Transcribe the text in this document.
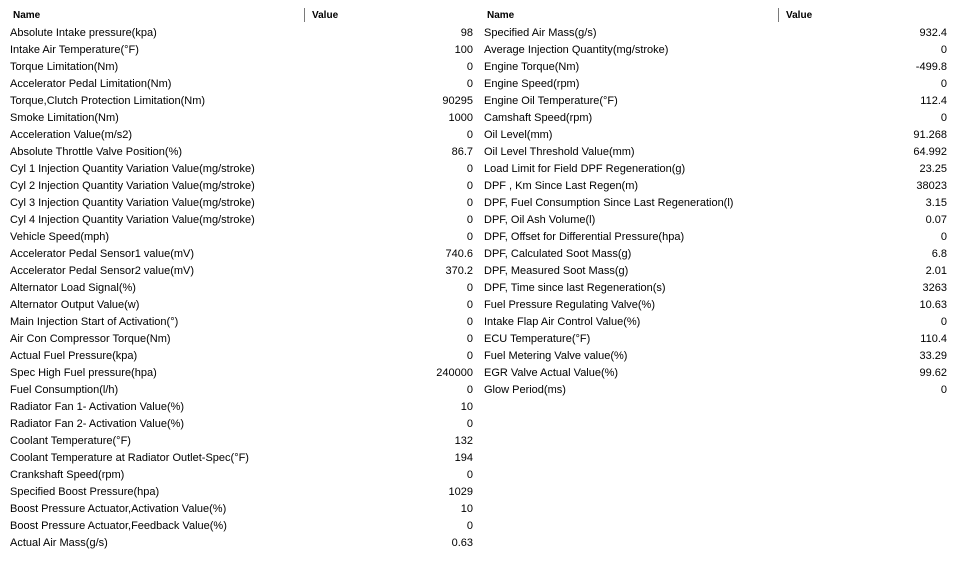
Name	Value
Absolute Intake pressure(kpa)	98
Intake Air Temperature(°F)	100
Torque Limitation(Nm)	0
Accelerator Pedal Limitation(Nm)	0
Torque,Clutch Protection Limitation(Nm)	90295
Smoke Limitation(Nm)	1000
Acceleration Value(m/s2)	0
Absolute Throttle Valve Position(%)	86.7
Cyl 1 Injection Quantity Variation Value(mg/stroke)	0
Cyl 2 Injection Quantity Variation Value(mg/stroke)	0
Cyl 3 Injection Quantity Variation Value(mg/stroke)	0
Cyl 4 Injection Quantity Variation Value(mg/stroke)	0
Vehicle Speed(mph)	0
Accelerator Pedal Sensor1 value(mV)	740.6
Accelerator Pedal Sensor2 value(mV)	370.2
Alternator Load Signal(%)	0
Alternator Output Value(w)	0
Main Injection Start of Activation(°)	0
Air Con Compressor Torque(Nm)	0
Actual Fuel Pressure(kpa)	0
Spec High Fuel pressure(hpa)	240000
Fuel Consumption(l/h)	0
Radiator Fan 1- Activation Value(%)	10
Radiator Fan 2- Activation Value(%)	0
Coolant Temperature(°F)	132
Coolant Temperature at Radiator Outlet-Spec(°F)	194
Crankshaft Speed(rpm)	0
Specified Boost Pressure(hpa)	1029
Boost Pressure Actuator,Activation Value(%)	10
Boost Pressure Actuator,Feedback Value(%)	0
Actual Air Mass(g/s)	0.63
Name	Value
Specified Air Mass(g/s)	932.4
Average Injection Quantity(mg/stroke)	0
Engine Torque(Nm)	-499.8
Engine Speed(rpm)	0
Engine Oil Temperature(°F)	112.4
Camshaft Speed(rpm)	0
Oil Level(mm)	91.268
Oil Level Threshold Value(mm)	64.992
Load Limit for Field DPF Regeneration(g)	23.25
DPF , Km Since Last Regen(m)	38023
DPF, Fuel Consumption Since Last Regeneration(l)	3.15
DPF, Oil Ash Volume(l)	0.07
DPF, Offset for Differential Pressure(hpa)	0
DPF, Calculated Soot Mass(g)	6.8
DPF, Measured Soot Mass(g)	2.01
DPF, Time since last Regeneration(s)	3263
Fuel Pressure Regulating Valve(%)	10.63
Intake Flap Air Control Value(%)	0
ECU Temperature(°F)	110.4
Fuel Metering Valve value(%)	33.29
EGR Valve Actual Value(%)	99.62
Glow Period(ms)	0
